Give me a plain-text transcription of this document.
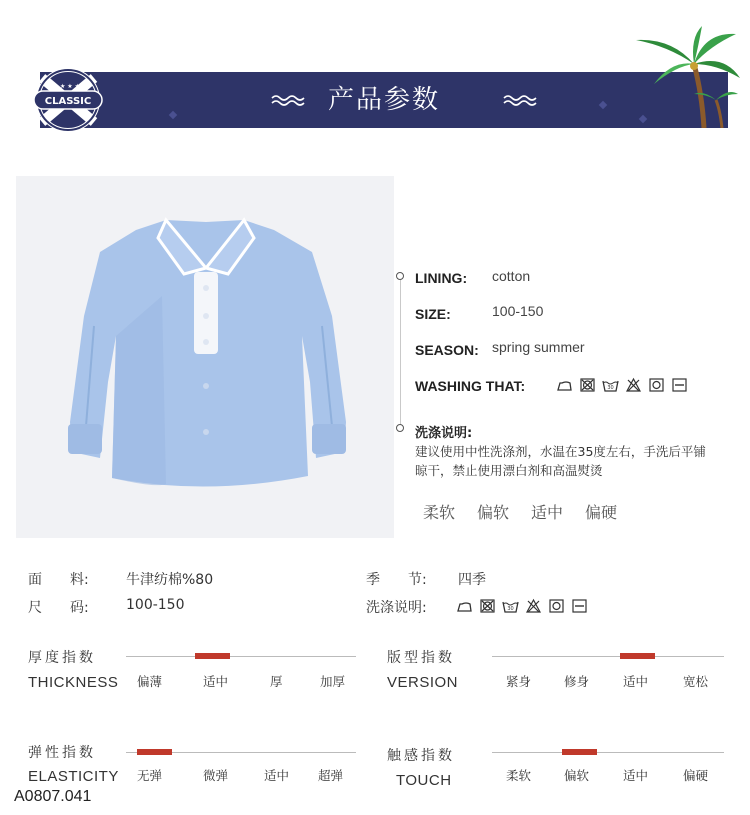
产品参数
CLASSIC
★ ★ ★
LINING: cotton
SIZE:	100-150
SEASON: spring summer
WASHING THAT:	30
洗涤说明:
建议使用中性洗涤剂，水温在35度左右，手洗后平铺晾干，禁止使用漂白剂和高温熨烫
柔软 偏软 适中 偏硬
面　　料:	牛津纺棉%80	季　　节: 四季
尺　　码:	100-150	洗涤说明:	30
厚度指数
THICKNESS 偏薄	适中	厚	加厚
版型指数
VERSION	紧身	修身	适中	宽松
弹性指数
ELASTICITY 无弹	微弹	适中 超弹
触感指数
TOUCH	柔软	偏软	适中	偏硬
A0807.041
